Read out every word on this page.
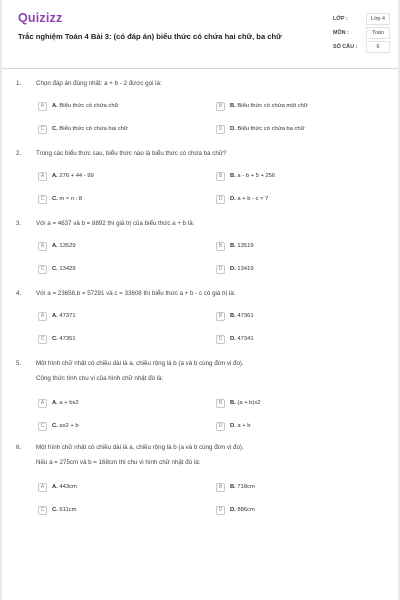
Quizizz
Trắc nghiệm Toán 4 Bài 3: (có đáp án) biểu thức có chứa hai chữ, ba chữ
LỚP :	Lớp 4
MÔN :	Toán
SỐ CÂU :	6
1. Chọn đáp án đúng nhất: a + b - 2 được gọi là:
A	A. Biểu thức có chứa chữ	B	B. Biểu thức có chứa một chữ
C	C. Biểu thức có chứa hai chữ	D	D. Biểu thức có chứa ba chữ
2. Trong các biểu thức sau, biểu thức nào là biểu thức có chứa ba chữ?
A	A. 276 + 44 - 99	B	B. a - b + 5 + 256
C	C. m × n : 8	D	D. a + b - c × 7
3. Với a = 4637 và b = 8892 thì giá trị của biểu thức a + b là:
A	A. 13529	B	B. 13519
C	C. 13429	D	D. 13419
4. Với a = 23658,b = 57291 và c = 33608 thì biểu thức a + b - c có giá trị là:
A	A. 47371	B	B. 47361
C	C. 47351	D	D. 47341
5. Một hình chữ nhật có chiều dài là a, chiều rộng là b (a và b cùng đơn vị đo).
Công thức tính chu vi của hình chữ nhật đó là:
A	A. a + bx2	B	B. (a + b)x2
C	C. ax2 + b	D	D. a + b
6. Một hình chữ nhật có chiều dài là a, chiều rộng là b (a và b cùng đơn vị đo).
Nếu a = 275cm và b = 168cm thì chu vi hình chữ nhật đó là:
A	A. 443cm	B	B. 718cm
C	C. 611cm	D	D. 886cm
